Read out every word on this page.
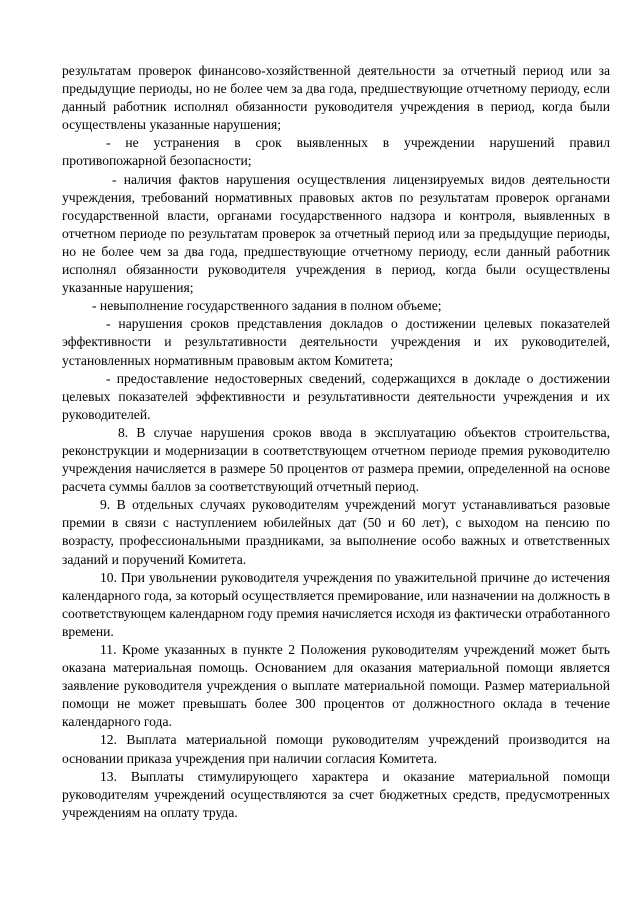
результатам проверок финансово-хозяйственной деятельности за отчетный период или за предыдущие периоды, но не более чем за два года, предшествующие отчетному периоду, если данный работник исполнял обязанности руководителя учреждения в период, когда были осуществлены указанные нарушения;

- не устранения в срок выявленных в учреждении нарушений правил противопожарной безопасности;

- наличия фактов нарушения осуществления лицензируемых видов деятельности учреждения, требований нормативных правовых актов по результатам проверок органами государственной власти, органами государственного надзора и контроля, выявленных в отчетном периоде по результатам проверок за отчетный период или за предыдущие периоды, но не более чем за два года, предшествующие отчетному периоду, если данный работник исполнял обязанности руководителя учреждения в период, когда были осуществлены указанные нарушения;

- невыполнение государственного задания в полном объеме;

- нарушения сроков представления докладов о достижении целевых показателей эффективности и результативности деятельности учреждения и их руководителей, установленных нормативным правовым актом Комитета;

- предоставление недостоверных сведений, содержащихся в докладе о достижении целевых показателей эффективности и результативности деятельности учреждения и их руководителей.

8. В случае нарушения сроков ввода в эксплуатацию объектов строительства, реконструкции и модернизации в соответствующем отчетном периоде премия руководителю учреждения начисляется в размере 50 процентов от размера премии, определенной на основе расчета суммы баллов за соответствующий отчетный период.

9. В отдельных случаях руководителям учреждений могут устанавливаться разовые премии в связи с наступлением юбилейных дат (50 и 60 лет), с выходом на пенсию по возрасту, профессиональными праздниками, за выполнение особо важных и ответственных заданий и поручений Комитета.

10. При увольнении руководителя учреждения по уважительной причине до истечения календарного года, за который осуществляется премирование, или назначении на должность в соответствующем календарном году премия начисляется исходя из фактически отработанного времени.

11. Кроме указанных в пункте 2 Положения руководителям учреждений может быть оказана материальная помощь. Основанием для оказания материальной помощи является заявление руководителя учреждения о выплате материальной помощи. Размер материальной помощи не может превышать более 300 процентов от должностного оклада в течение календарного года.

12. Выплата материальной помощи руководителям учреждений производится на основании приказа учреждения при наличии согласия Комитета.

13. Выплаты стимулирующего характера и оказание материальной помощи руководителям учреждений осуществляются за счет бюджетных средств, предусмотренных учреждениям на оплату труда.
